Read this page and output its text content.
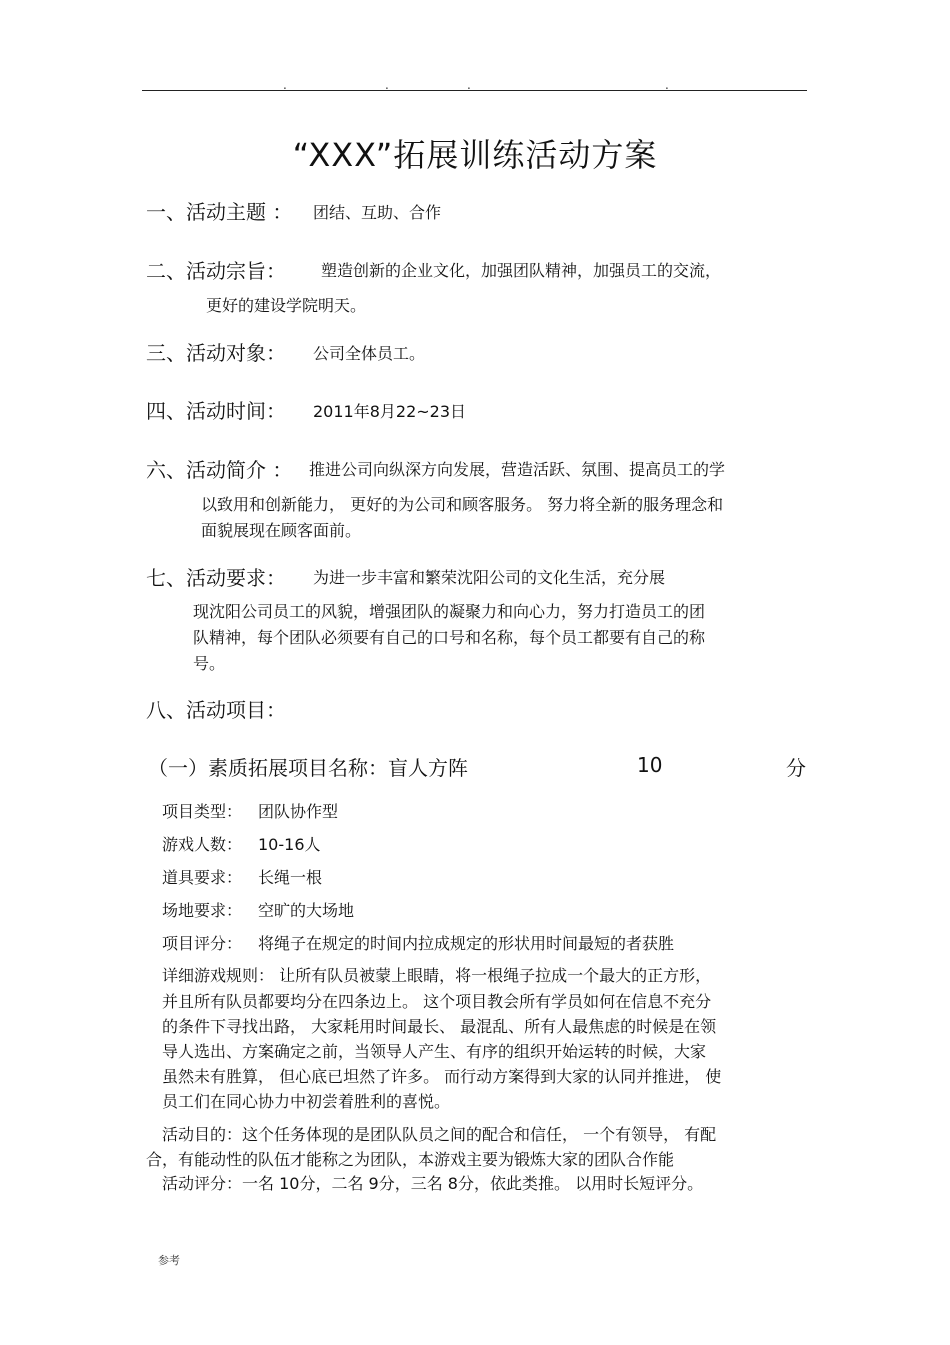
.	.	.	.
“XXX”拓展训练活动方案
一、活动主题 ： 团结、互助、合作
二、活动宗旨： 塑造创新的企业文化，加强团队精神，加强员工的交流，
更好的建设学院明天。
三、活动对象： 公司全体员工。
四、活动时间： 2011年8月22~23日
六、活动简介 ： 推进公司向纵深方向发展，营造活跃、氛围、提高员工的学
以致用和创新能力， 更好的为公司和顾客服务。 努力将全新的服务理念和
面貌展现在顾客面前。
七、活动要求： 为进一步丰富和繁荣沈阳公司的文化生活，充分展
现沈阳公司员工的风貌，增强团队的凝聚力和向心力，努力打造员工的团
队精神，每个团队必须要有自己的口号和名称，每个员工都要有自己的称
号。
八、活动项目：
（一）素质拓展项目名称：盲人方阵	10	分
项目类型： 团队协作型
游戏人数： 10-16人
道具要求： 长绳一根
场地要求： 空旷的大场地
项目评分： 将绳子在规定的时间内拉成规定的形状用时间最短的者获胜
详细游戏规则： 让所有队员被蒙上眼睛，将一根绳子拉成一个最大的正方形，
并且所有队员都要均分在四条边上。 这个项目教会所有学员如何在信息不充分
的条件下寻找出路， 大家耗用时间最长、 最混乱、所有人最焦虑的时候是在领
导人选出、方案确定之前，当领导人产生、有序的组织开始运转的时候，大家
虽然未有胜算， 但心底已坦然了许多。 而行动方案得到大家的认同并推进， 使
员工们在同心协力中初尝着胜利的喜悦。
活动目的：这个任务体现的是团队队员之间的配合和信任， 一个有领导， 有配
合，有能动性的队伍才能称之为团队，本游戏主要为锻炼大家的团队合作能
活动评分：一名 10分，二名 9分，三名 8分，依此类推。 以用时长短评分。
参考
